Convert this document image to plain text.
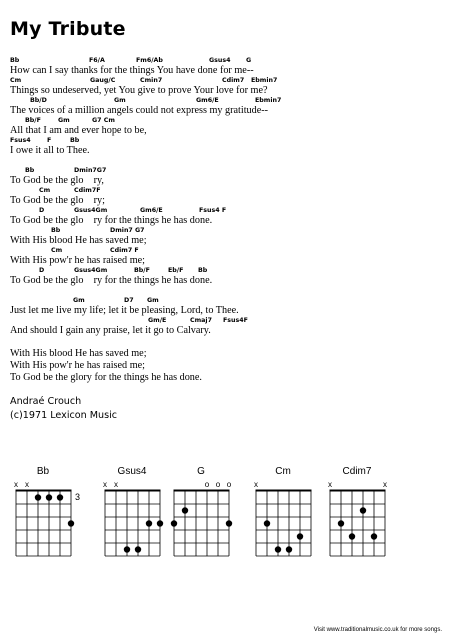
My Tribute
Bb	F6/A	Fm6/Ab	Gsus4 G
How can I say thanks for the things You have done for me--
Cm	Gaug/C	Cmin7	Cdim7 Ebmin7
Things so undeserved, yet You give to prove Your love for me?
Bb/D	Gm	Gm6/E	Ebmin7
The voices of a million angels could not express my gratitude--
Bb/F	Gm	G7 Cm
All that I am and ever hope to be,
Fsus4	F	Bb
I owe it all to Thee.
Bb	Dmin7G7
To God be the glo    ry,
Cm	Cdim7F
To God be the glo    ry;
D	Gsus4Gm	Gm6/E	Fsus4 F
To God be the glo    ry for the things he has done.
Bb	Dmin7 G7
With His blood He has saved me;
Cm	Cdim7 F
With His pow'r he has raised me;
D	Gsus4Gm	Bb/F	Eb/F Bb
To God be the glo    ry for the things he has done.
Gm	D7 Gm
Just let me live my life; let it be pleasing, Lord, to Thee.
Gm/E	Cmaj7 Fsus4F
And should I gain any praise, let it go to Calvary.
With His blood He has saved me;
With His pow'r he has raised me;
To God be the glory for the things he has done.
Andraé Crouch
(c)1971 Lexicon Music
Bb
x x
3
Gsus4
x x
G
o o o
Cm
x
Cdim7
x	x
Visit www.traditionalmusic.co.uk for more songs.
